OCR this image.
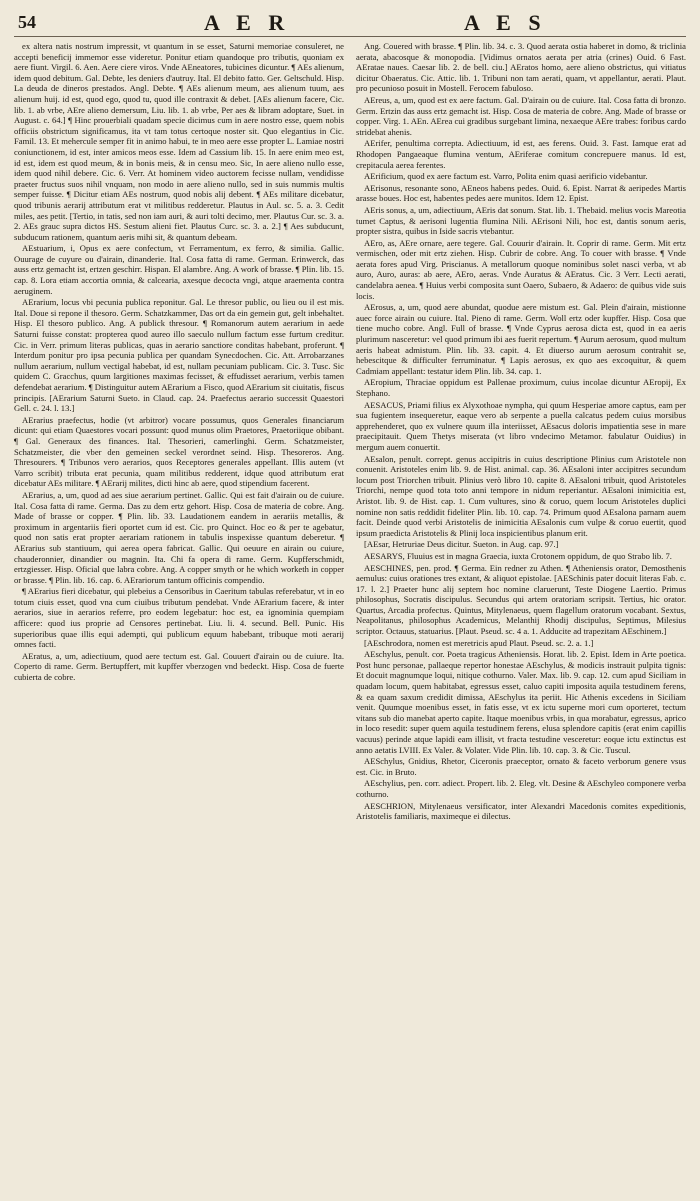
54	A E R	A E S

ex altera natis nostrum impressit, vt quantum in se esset, Saturni memoriae consuleret, ne accepti beneficij immemor esse videretur. Ponitur etiam quandoque pro tributis, quoniam ex aere fiunt. Virgil. 6. Aen. Aere ciere viros. Vnde AEneatores, tubicines dicuntur. ¶ AEs alienum, idem quod debitum. Gal. Debte, les deniers d'autruy. Ital. El debito fatto. Ger. Geltschuld. Hisp. La deuda de dineros prestados. Angl. Debte. ¶ AEs alienum meum, aes alienum tuum, aes alienum huij. id est, quod ego, quod tu, quod ille contraxit & debet. [AEs alienum facere, Cic. lib. 1. ab vrbe, AEre alieno demersum, Liu. lib. 1. ab vrbe, Per aes & libram adoptare, Suet. in August. c. 64.] ¶ Hinc prouerbiali quadam specie dicimus cum in aere nostro esse, quem nobis officiis obstrictum significamus, ita vt tam totus certoque noster sit. Quo elegantius in Cic. Famil. 13. Et mehercule semper fit in animo habui, te in meo aere esse propter L. Lamiae nostri coniunctionem, id est, inter amicos meos esse. Idem ad Cassium lib. 15. In aere enim meo est, id est, idem est quod meum, & in bonis meis, & in censu meo. Sic, In aere alieno nullo esse, idem quod nihil debere. Cic. 6. Verr. At hominem video auctorem fecisse nullam, vendidisse praeter fructus suos nihil vnquam, non modo in aere alieno nullo, sed in suis nummis multis semper fuisse. ¶ Dicitur etiam AEs nostrum, quod nobis alij debent. ¶ AEs militare dicebatur, quod tribunis aerarij attributum erat vt militibus redderetur. Plautus in Aul. sc. 5. a. 3. Cedit miles, aes petit. [Tertio, in tatis, sed non iam auri, & auri tolti decimo, mer. Plautus Cur. sc. 3. a. 2. AEs grauc supra dictos HS. Sestum alieni fiet. Plautus Curc. sc. 3. a. 2.] ¶ Aes subducunt, subducum rationem, quantum aeris mihi sit, & quantum debeam.

AEstuarium, i, Opus ex aere confectum, vt Ferramentum, ex ferro, & similia. Gallic. Ouurage de cuyure ou d'airain, dinanderie. Ital. Cosa fatta di rame. German. Erinwerck, das auss ertz gemacht ist, ertzen geschirr. Hispan. El alambre. Ang. A work of brasse. ¶ Plin. lib. 15. cap. 8. Lora etiam accortia omnia, & calcearia, axesque decocta vngi, atque araementa contra aeruginem.

AErarium, locus vbi pecunia publica reponitur. Gal. Le thresor public, ou lieu ou il est mis. Ital. Doue si repone il thesoro. Germ. Schatzkammer, Das ort da ein gemein gut, gelt inbehaltet. Hisp. El thesoro publico. Ang. A publick thresour. ¶ Romanorum autem aerarium in aede Saturni fuisse constat: propterea quod aureo illo saeculo nullum factum esse furtum creditur. Cic. in Verr. primum literas publicas, quas in aerario sanctiore conditas habebant, proferunt. ¶ Interdum ponitur pro ipsa pecunia publica per quandam Synecdochen. Cic. Att. Arrobarzanes nullum aerarium, nullum vectigal habebat, id est, nullam pecuniam publicam. Cic. 3. Tusc. Sic quidem C. Gracchus, quum largitiones maximas fecisset, & effudisset aerarium, verbis tamen defendebat aerarium. ¶ Distinguitur autem AErarium a Fisco, quod AErarium sit ciuitatis, fiscus principis. [AErarium Saturni Sueto. in Claud. cap. 24. Praefectus aerario successit Quaestori Gell. c. 24. l. 13.]

AErarius praefectus, hodie (vt arbitror) vocare possumus, quos Generales financiarum dicunt: qui etiam Quaestores vocari possunt: quod munus olim Praetores, Praetoriique obibant. ¶ Gal. Generaux des finances. Ital. Thesorieri, camerlinghi. Germ. Schatzmeister, Schatzmeister, die vber den gemeinen seckel verordnet seind. Hisp. Thesoreros. Ang. Thresourers. ¶ Tribunos vero aerarios, quos Receptores generales appellant. Illis autem (vt Varro scribit) tributa erat pecunia, quam militibus redderent, idque quod attributum erat dicebatur AEs militare. ¶ AErarij milites, dicti hinc ab aere, quod stipendium facerent.

AErarius, a, um, quod ad aes siue aerarium pertinet. Gallic. Qui est fait d'airain ou de cuiure. Ital. Cosa fatta di rame. Germa. Das zu dem ertz gehort. Hisp. Cosa de materia de cobre. Ang. Made of brasse or copper. ¶ Plin. lib. 33. Laudationem eandem in aerariis metallis, & proximum in argentariis fieri oportet cum id est. Cic. pro Quinct. Hoc eo & per te agebatur, quod non satis erat propter aerariam rationem in tabulis inspexisse quantum deberetur. ¶ AErarius sub stantiuum, qui aerea opera fabricat. Gallic. Qui oeuure en airain ou cuiure, chauderonnier, dinandier ou magnin. Ita. Chi fa opera di rame. Germ. Kupfferschmidt, ertzgiesser. Hisp. Oficial que labra cobre. Ang. A copper smyth or he which worketh in copper or brasse. ¶ Plin. lib. 16. cap. 6. AErariorum tantum officinis compendio.

¶ AErarius fieri dicebatur, qui plebeius a Censoribus in Caeritum tabulas referebatur, vt in eo totum ciuis esset, quod vna cum ciuibus tributum pendebat. Vnde AErarium facere, & inter aerarios, siue in aerarios referre, pro eodem legebatur: hoc est, ea ignominia quempiam afficere: quod ius proprie ad Censores pertinebat. Liu. li. 4. secund. Bell. Punic. His superioribus quae illis equi adempti, qui publicum equum habebant, tribuque moti aerarij omnes facti.

AEratus, a, um, adiectiuum, quod aere tectum est. Gal. Couuert d'airain ou de cuiure. Ita. Coperto di rame. Germ. Bertupffert, mit kupffer vberzogen vnd bedeckt. Hisp. Cosa de fuerte cubierta de cobre.

Ang. Couered with brasse. ¶ Plin. lib. 34. c. 3. Quod aerata ostia haberet in domo, & triclinia aerata, abacosque & monopodia. [Vidimus ornatos aerata per atria (crines) Ouid. 6 Fast. AEratae naues. Caesar lib. 2. de bell. ciu.] AEratos homo, aere alieno obstrictus, qui vitiatus dicitur Obaeratus. Cic. Attic. lib. 1. Tribuni non tam aerati, quam, vt appellantur, aerati. Plaut. pro pecunioso posuit in Mostell. Ferocem fabuloso.

AEreus, a, um, quod est ex aere factum. Gal. D'airain ou de cuiure. Ital. Cosa fatta di bronzo. Germ. Ertzin das auss ertz gemacht ist. Hisp. Cosa de materia de cobre. Ang. Made of brasse or copper. Virg. 1. AEn. AErea cui gradibus surgebant limina, nexaeque AEre trabes: foribus cardo stridebat ahenis.

AErifer, penultima correpta. Adiectiuum, id est, aes ferens. Ouid. 3. Fast. Iamque erat ad Rhodopen Pangaeaque flumina ventum, AEriferae comitum concrepuere manus. Id est, crepitacula aerea ferentes.

AErificium, quod ex aere factum est. Varro, Polita enim quasi aerificio videbantur.

AErisonus, resonante sono, AEneos habens pedes. Ouid. 6. Epist. Narrat & aeripedes Martis arasse boues. Hoc est, habentes pedes aere munitos. Idem 12. Epist.

AEris sonus, a, um, adiectiuum, AEris dat sonum. Stat. lib. 1. Thebaid. melius vocis Mareotia tumet Captus, & aerisoni lugentia flumina Nili. AErisoni Nili, hoc est, dantis sonum aeris, propter sistra, quibus in Iside sacris vtebantur.

AEro, as, AEre ornare, aere tegere. Gal. Couurir d'airain. It. Coprir di rame. Germ. Mit ertz vermischen, oder mit ertz ziehen. Hisp. Cubrir de cobre. Ang. To couer with brasse. ¶ Vnde aerata fores apud Virg. Priscianus. A metallorum quoque nominibus solet nasci verba, vt ab auro, Auro, auras: ab aere, AEro, aeras. Vnde Auratus & AEratus. Cic. 3 Verr. Lecti aerati, candelabra aenea. ¶ Huius verbi composita sunt Oaero, Subaero, & Adaero: de quibus vide suis locis.

AErosus, a, um, quod aere abundat, quodue aere mistum est. Gal. Plein d'airain, mistionne auec force airain ou cuiure. Ital. Pieno di rame. Germ. Woll ertz oder kupffer. Hisp. Cosa que tiene mucho cobre. Angl. Full of brasse. ¶ Vnde Cyprus aerosa dicta est, quod in ea aeris plurimum nasceretur: vel quod primum ibi aes fuerit repertum. ¶ Aurum aerosum, quod multum aeris habeat admistum. Plin. lib. 33. capit. 4. Et diuerso aurum aerosum contrahit se, hebescitque & difficulter ferruminatur. ¶ Lapis aerosus, ex quo aes excoquitur, & quem Cadmiam appellant: testatur idem Plin. lib. 34. cap. 1.

AEropium, Thraciae oppidum est Pallenae proximum, cuius incolae dicuntur AEropij, Ex Stephano.

AESACUS, Priami filius ex Alyxothoae nympha, qui quum Hesperiae amore captus, eam per sua fugientem insequeretur, eaque vero ab serpente a puella calcatus pedem cuius morsibus apprehenderet, quo ex vulnere quum illa interiisset, AEsacus doloris impatientia sese in mare praecipitauit. Quem Thetys miserata (vt libro vndecimo Metamor. fabulatur Ouidius) in mergum auem conuertit.

AEsalon, penult. corrept. genus accipitris in cuius descriptione Plinius cum Aristotele non conuenit. Aristoteles enim lib. 9. de Hist. animal. cap. 36. AEsaloni inter accipitres secundum locum post Triorchen tribuit. Plinius verò libro 10. capite 8. AEsaloni tribuit, quod Aristoteles Triorchi, nempe quod tota toto anni tempore in nidum reperiantur. AEsaloni inimicitia est, Aristot. lib. 9. de Hist. cap. 1. Cum vultures, sino & coruo, quem locum Aristoteles duplici nomine non satis reddidit fideliter Plin. lib. 10. cap. 74. Primum quod AEsalona parnam auem facit. Deinde quod verbi Aristotelis de inimicitia AEsalonis cum vulpe & coruo euertit, quod ipsum praedicta Aristotelis & Plinij loca inspicientibus planum erit.

[AEsar, Hetruriae Deus dicitur. Sueton. in Aug. cap. 97.]

AESARYS, Fluuius est in magna Graecia, iuxta Crotonem oppidum, de quo Strabo lib. 7.

AESCHINES, pen. prod. ¶ Germa. Ein redner zu Athen. ¶ Atheniensis orator, Demosthenis aemulus: cuius orationes tres extant, & aliquot epistolae. [AESchinis pater docuit literas Fab. c. 17. l. 2.] Praeter hunc alij septem hoc nomine claruerunt, Teste Diogene Laertio. Primus philosophus, Socratis discipulus. Secundus qui artem oratoriam scripsit. Tertius, hic orator. Quartus, Arcadia profectus. Quintus, Mitylenaeus, quem flagellum oratorum vocabant. Sextus, Neapolitanus, philosophus Academicus, Melanthij Rhodij discipulus, Septimus, Milesius scriptor. Octauus, statuarius. [Plaut. Pseud. sc. 4 a. 1. Adducite ad trapezitam AEschinem.]

[AEschrodora, nomen est meretricis apud Plaut. Pseud. sc. 2. a. 1.]

AEschylus, penult. cor. Poeta tragicus Atheniensis. Horat. lib. 2. Epist. Idem in Arte poetica. Post hunc personae, pallaeque repertor honestae AEschylus, & modicis instrauit pulpita tignis: Et docuit magnumque loqui, nitique cothurno. Valer. Max. lib. 9. cap. 12. cum apud Siciliam in quadam locum, quem habitabat, egressus esset, caluo capiti imposita aquila testudinem ferens, & ea quam saxum credidit dimissa, AEschylus ita periit. Hic Athenis excedens in Siciliam venit. Quumque moenibus esset, in fatis esse, vt ex ictu superne mori cum oporteret, tectum vitans sub dio manebat aperto capite. Itaque moenibus vrbis, in qua morabatur, egressus, aprico in loco resedit: super quem aquila testudinem ferens, elusa splendore capitis (erat enim capillis vacuus) perinde atque lapidi eam illisit, vt fracta testudine vesceretur: eoque ictu extinctus est anno aetatis LVIII. Ex Valer. & Volater. Vide Plin. lib. 10. cap. 3. & Cic. Tuscul.

AESchylus, Gnidius, Rhetor, Ciceronis praeceptor, ornato & faceto verborum genere vsus est. Cic. in Bruto.

AEschylius, pen. corr. adiect. Propert. lib. 2. Eleg. vlt. Desine & AEschyleo componere verba cothurno.

AESCHRION, Mitylenaeus versificator, inter Alexandri Macedonis comites expeditionis, Aristotelis familiaris, maximeque ei dilectus.
